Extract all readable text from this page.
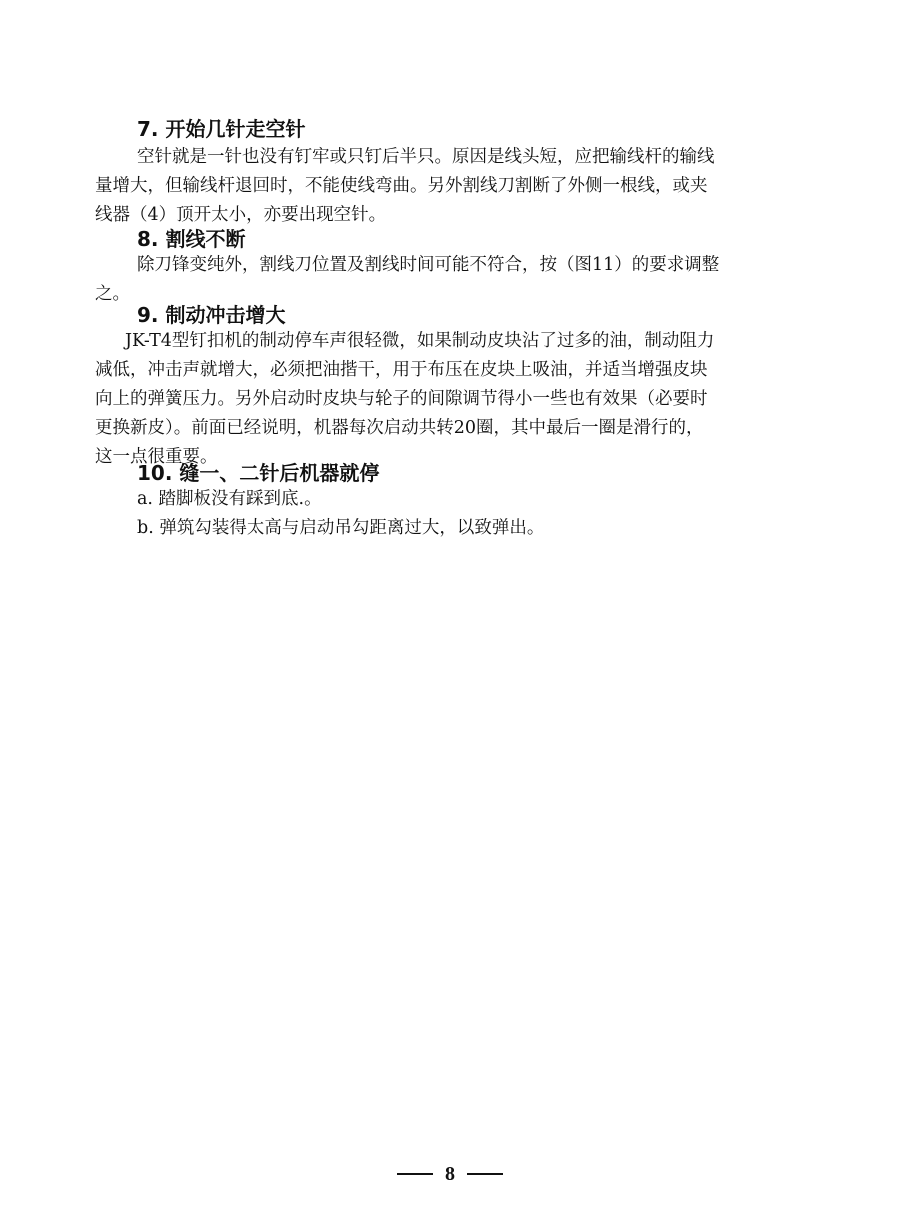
7. 开始几针走空针
空针就是一针也没有钉牢或只钉后半只。原因是线头短，应把输线杆的输线
量增大，但输线杆退回时，不能使线弯曲。另外割线刀割断了外侧一根线，或夹
线器（4）顶开太小，亦要出现空针。
8. 割线不断
除刀锋变纯外，割线刀位置及割线时间可能不符合，按（图11）的要求调整
之。
9. 制动冲击增大
JK-T4型钉扣机的制动停车声很轻微，如果制动皮块沾了过多的油，制动阻力
减低，冲击声就增大，必须把油揩干，用于布压在皮块上吸油，并适当增强皮块
向上的弹簧压力。另外启动时皮块与轮子的间隙调节得小一些也有效果（必要时
更换新皮）。前面已经说明，机器每次启动共转20圈，其中最后一圈是滑行的，
这一点很重要。
10. 缝一、二针后机器就停
a. 踏脚板没有踩到底.。
b. 弹筑勾装得太高与启动吊勾距离过大，以致弹出。
8
